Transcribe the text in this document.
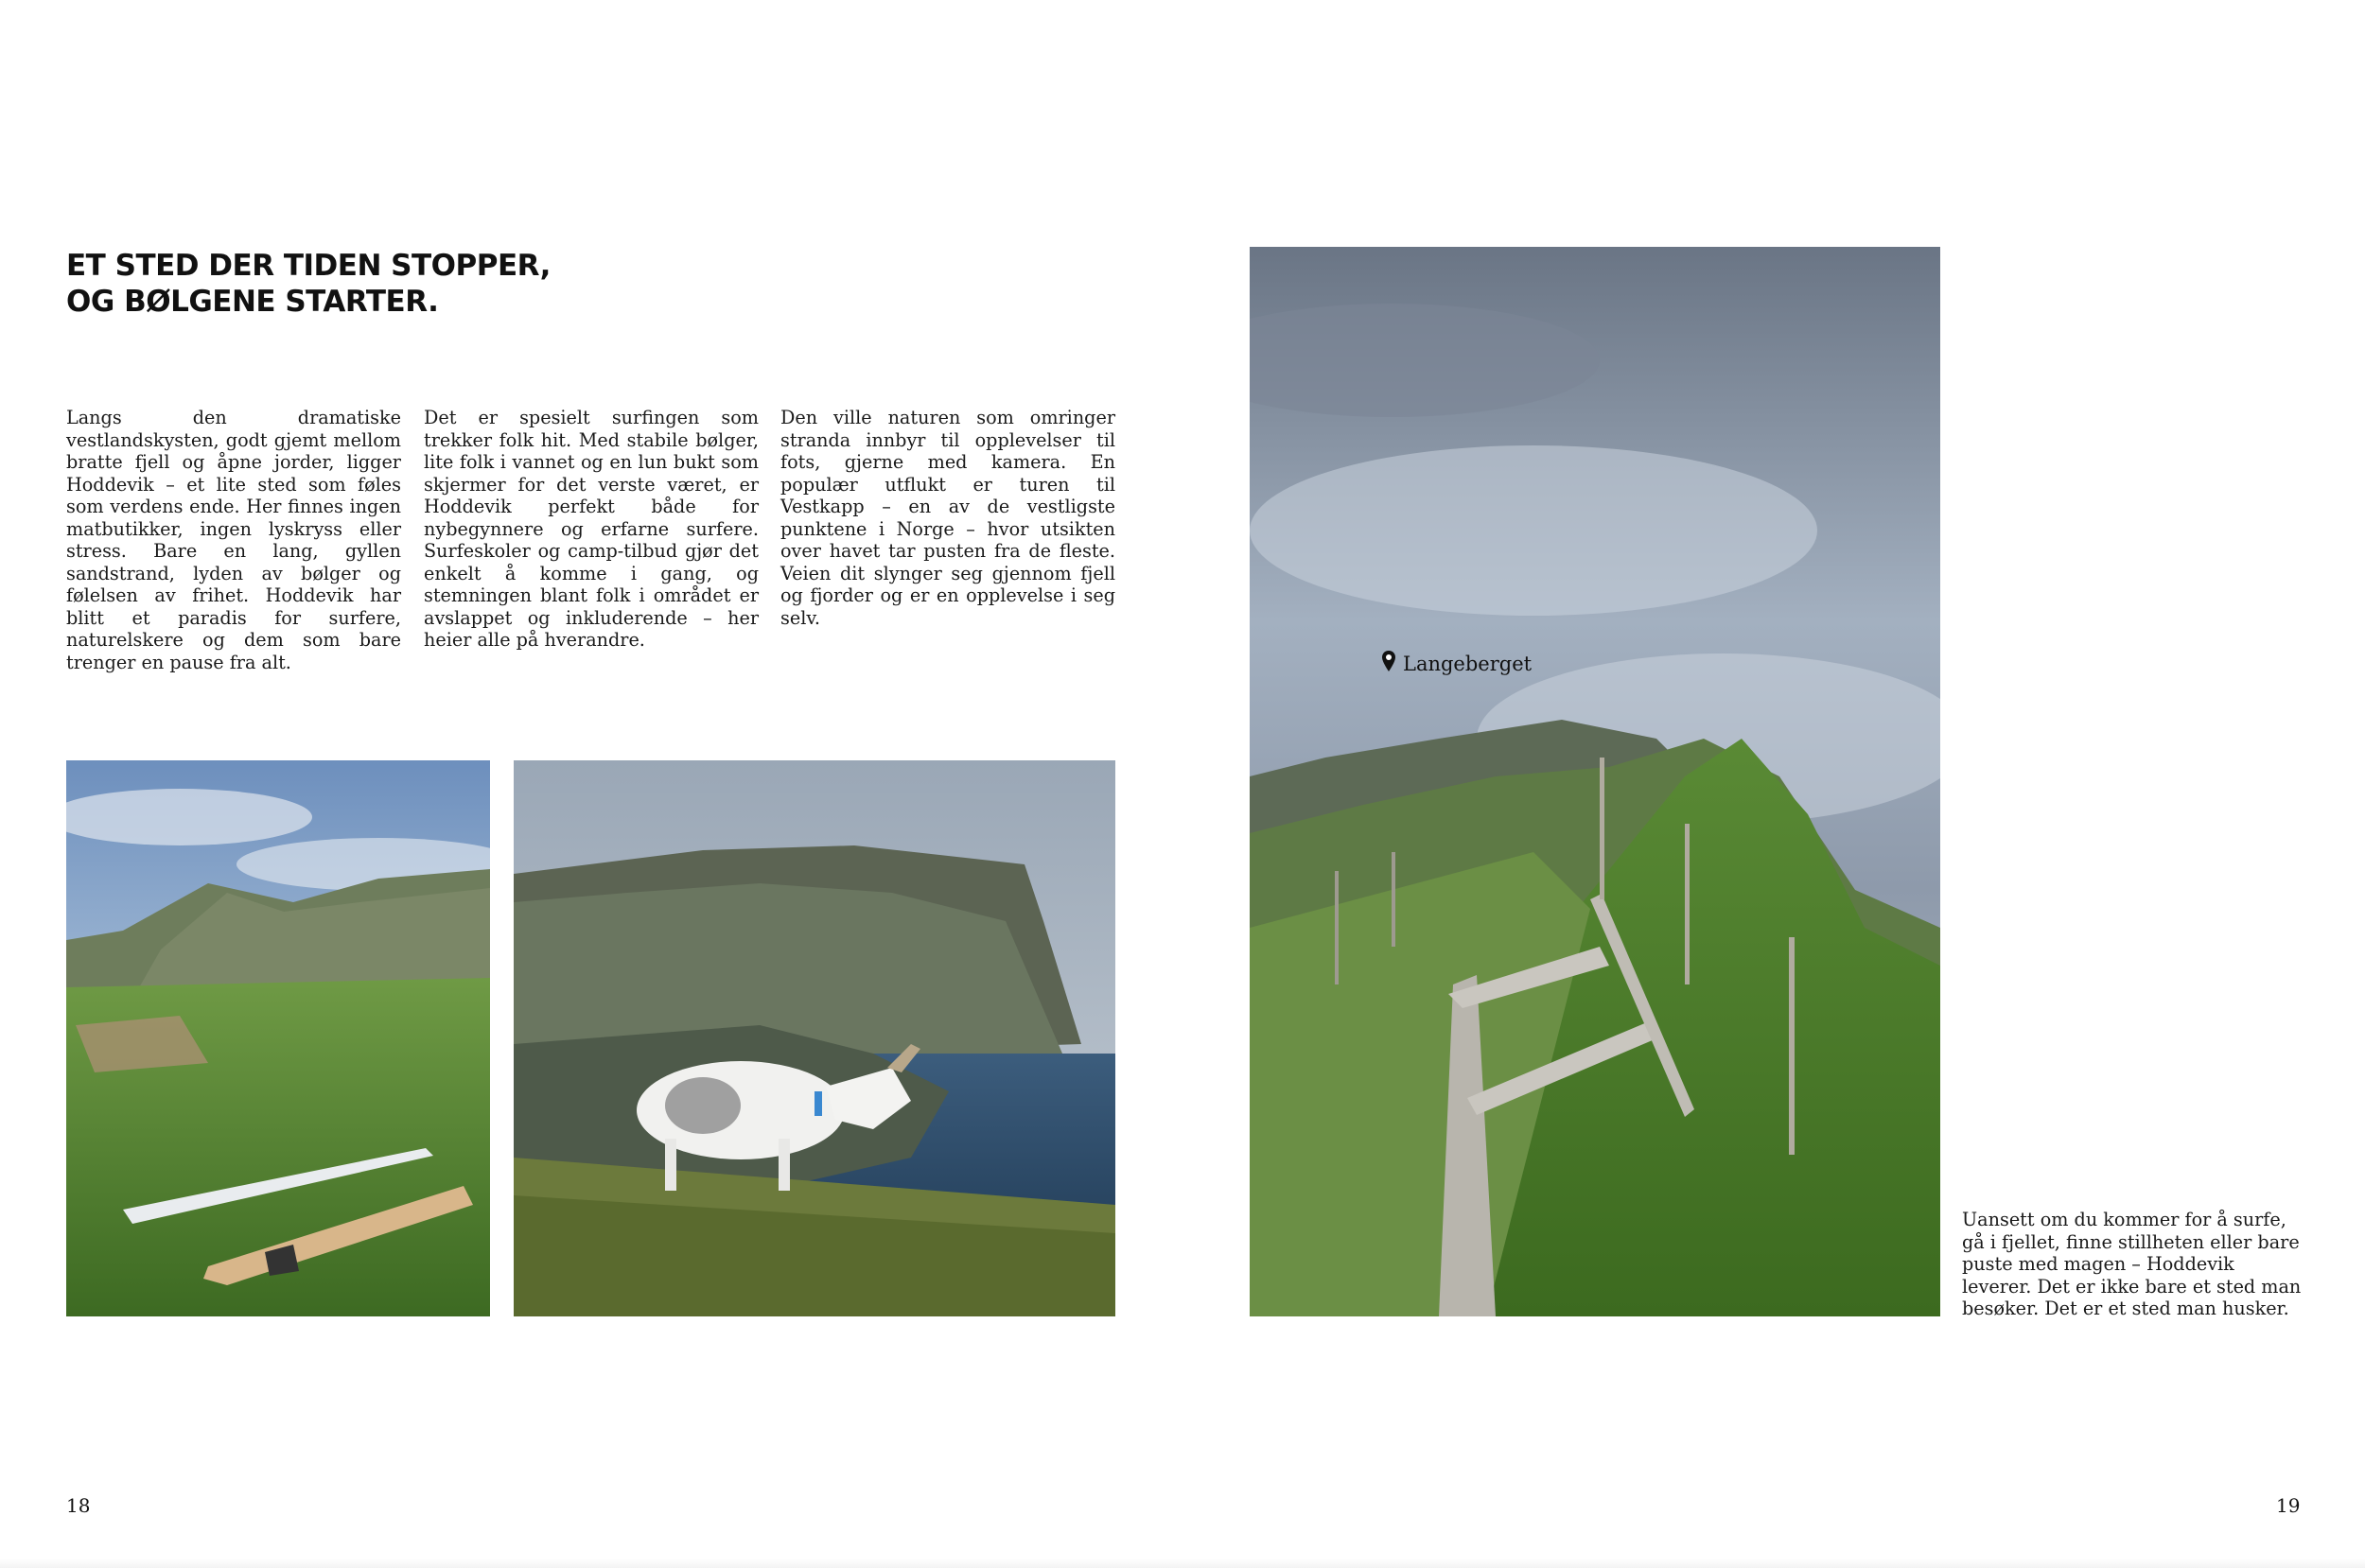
ET STED DER TIDEN STOPPER,
OG BØLGENE STARTER.

Langs den dramatiske vestlandskysten, godt gjemt mellom bratte fjell og åpne jorder, ligger Hoddevik – et lite sted som føles som verdens ende. Her finnes ingen matbutikker, ingen lyskryss eller stress. Bare en lang, gyllen sandstrand, lyden av bølger og følelsen av frihet. Hoddevik har blitt et paradis for surfere, naturelskere og dem som bare trenger en pause fra alt.

Det er spesielt surfingen som trekker folk hit. Med stabile bølger, lite folk i vannet og en lun bukt som skjermer for det verste været, er Hoddevik perfekt både for nybegynnere og erfarne surfere. Surfeskoler og camp-tilbud gjør det enkelt å komme i gang, og stemningen blant folk i området er avslappet og inkluderende – her heier alle på hverandre.

Den ville naturen som omringer stranda innbyr til opplevelser til fots, gjerne med kamera. En populær utflukt er turen til Vestkapp – en av de vestligste punktene i Norge – hvor utsikten over havet tar pusten fra de fleste. Veien dit slynger seg gjennom fjell og fjorder og er en opplevelse i seg selv.

Langeberget

Uansett om du kommer for å surfe, gå i fjellet, finne stillheten eller bare puste med magen – Hoddevik leverer. Det er ikke bare et sted man besøker. Det er et sted man husker.

18	19
